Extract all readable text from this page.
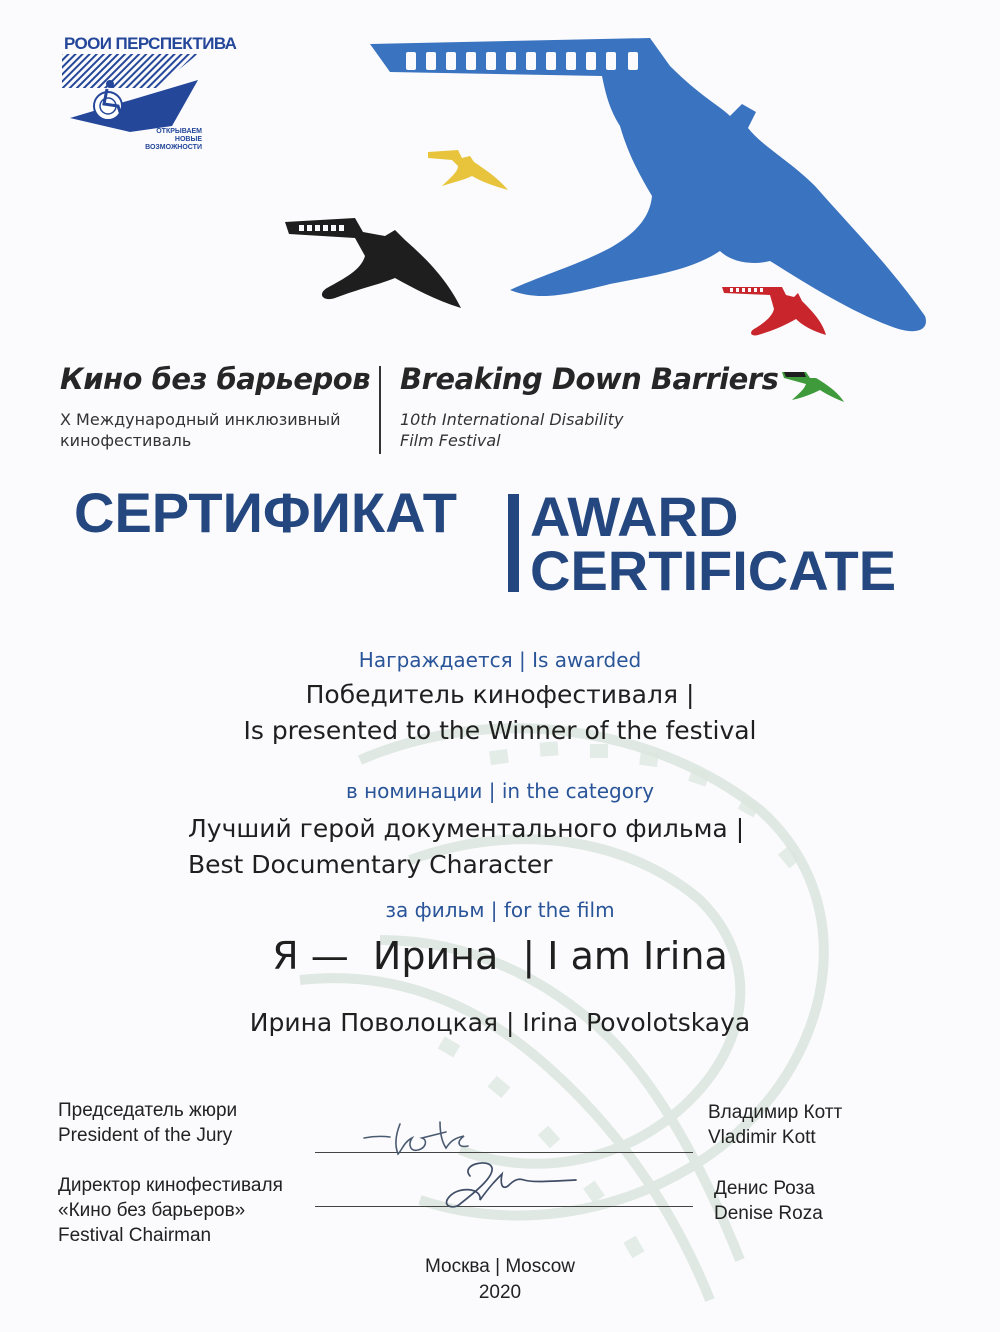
РООИ ПЕРСПЕКТИВА
ОТКРЫВАЕМ
НОВЫЕ ВОЗМОЖНОСТИ
Кино без барьеров
X Международный инклюзивный
кинофестиваль
Breaking Down Barriers
10th International Disability
Film Festival
СЕРТИФИКАТ AWARD
CERTIFICATE
Награждается | Is awarded
Победитель кинофестиваля |
Is presented to the Winner of the festival
в номинации | in the category
Лучший герой документального фильма |
Best Documentary Character
за фильм | for the film
Я —  Ирина  | I am Irina
Ирина Поволоцкая | Irina Povolotskaya
Председатель жюри
President of the Jury
Владимир Котт
Vladimir Kott
Директор кинофестиваля
«Кино без барьеров»
Festival Chairman
Денис Роза
Denise Roza
Москва | Moscow
2020
